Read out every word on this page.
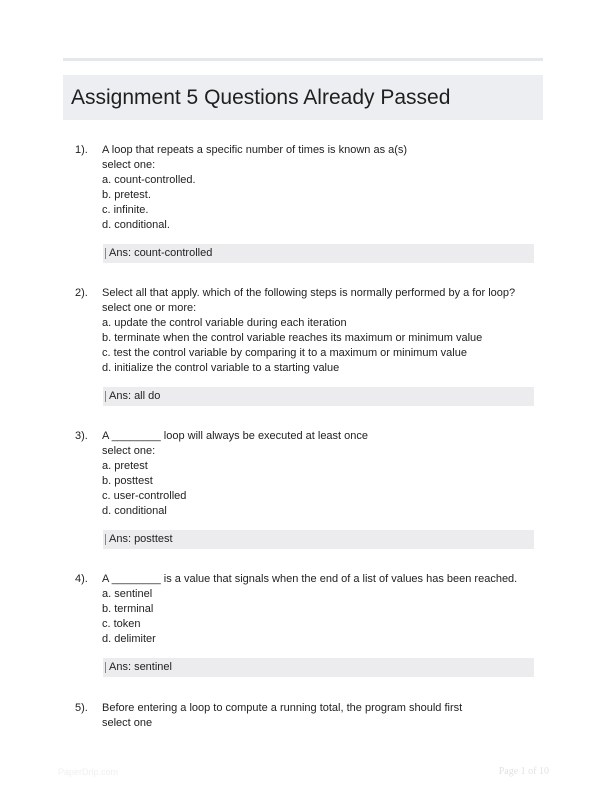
Assignment 5 Questions Already Passed
1). A loop that repeats a specific number of times is known as a(s)
select one:
a. count-controlled.
b. pretest.
c. infinite.
d. conditional.
Ans: count-controlled
2). Select all that apply. which of the following steps is normally performed by a for loop?
select one or more:
a. update the control variable during each iteration
b. terminate when the control variable reaches its maximum or minimum value
c. test the control variable by comparing it to a maximum or minimum value
d. initialize the control variable to a starting value
Ans: all do
3). A ________ loop will always be executed at least once
select one:
a. pretest
b. posttest
c. user-controlled
d. conditional
Ans: posttest
4). A ________ is a value that signals when the end of a list of values has been reached.
a. sentinel
b. terminal
c. token
d. delimiter
Ans: sentinel
5). Before entering a loop to compute a running total, the program should first
select one
PaperDrip.com	Page 1 of 10
